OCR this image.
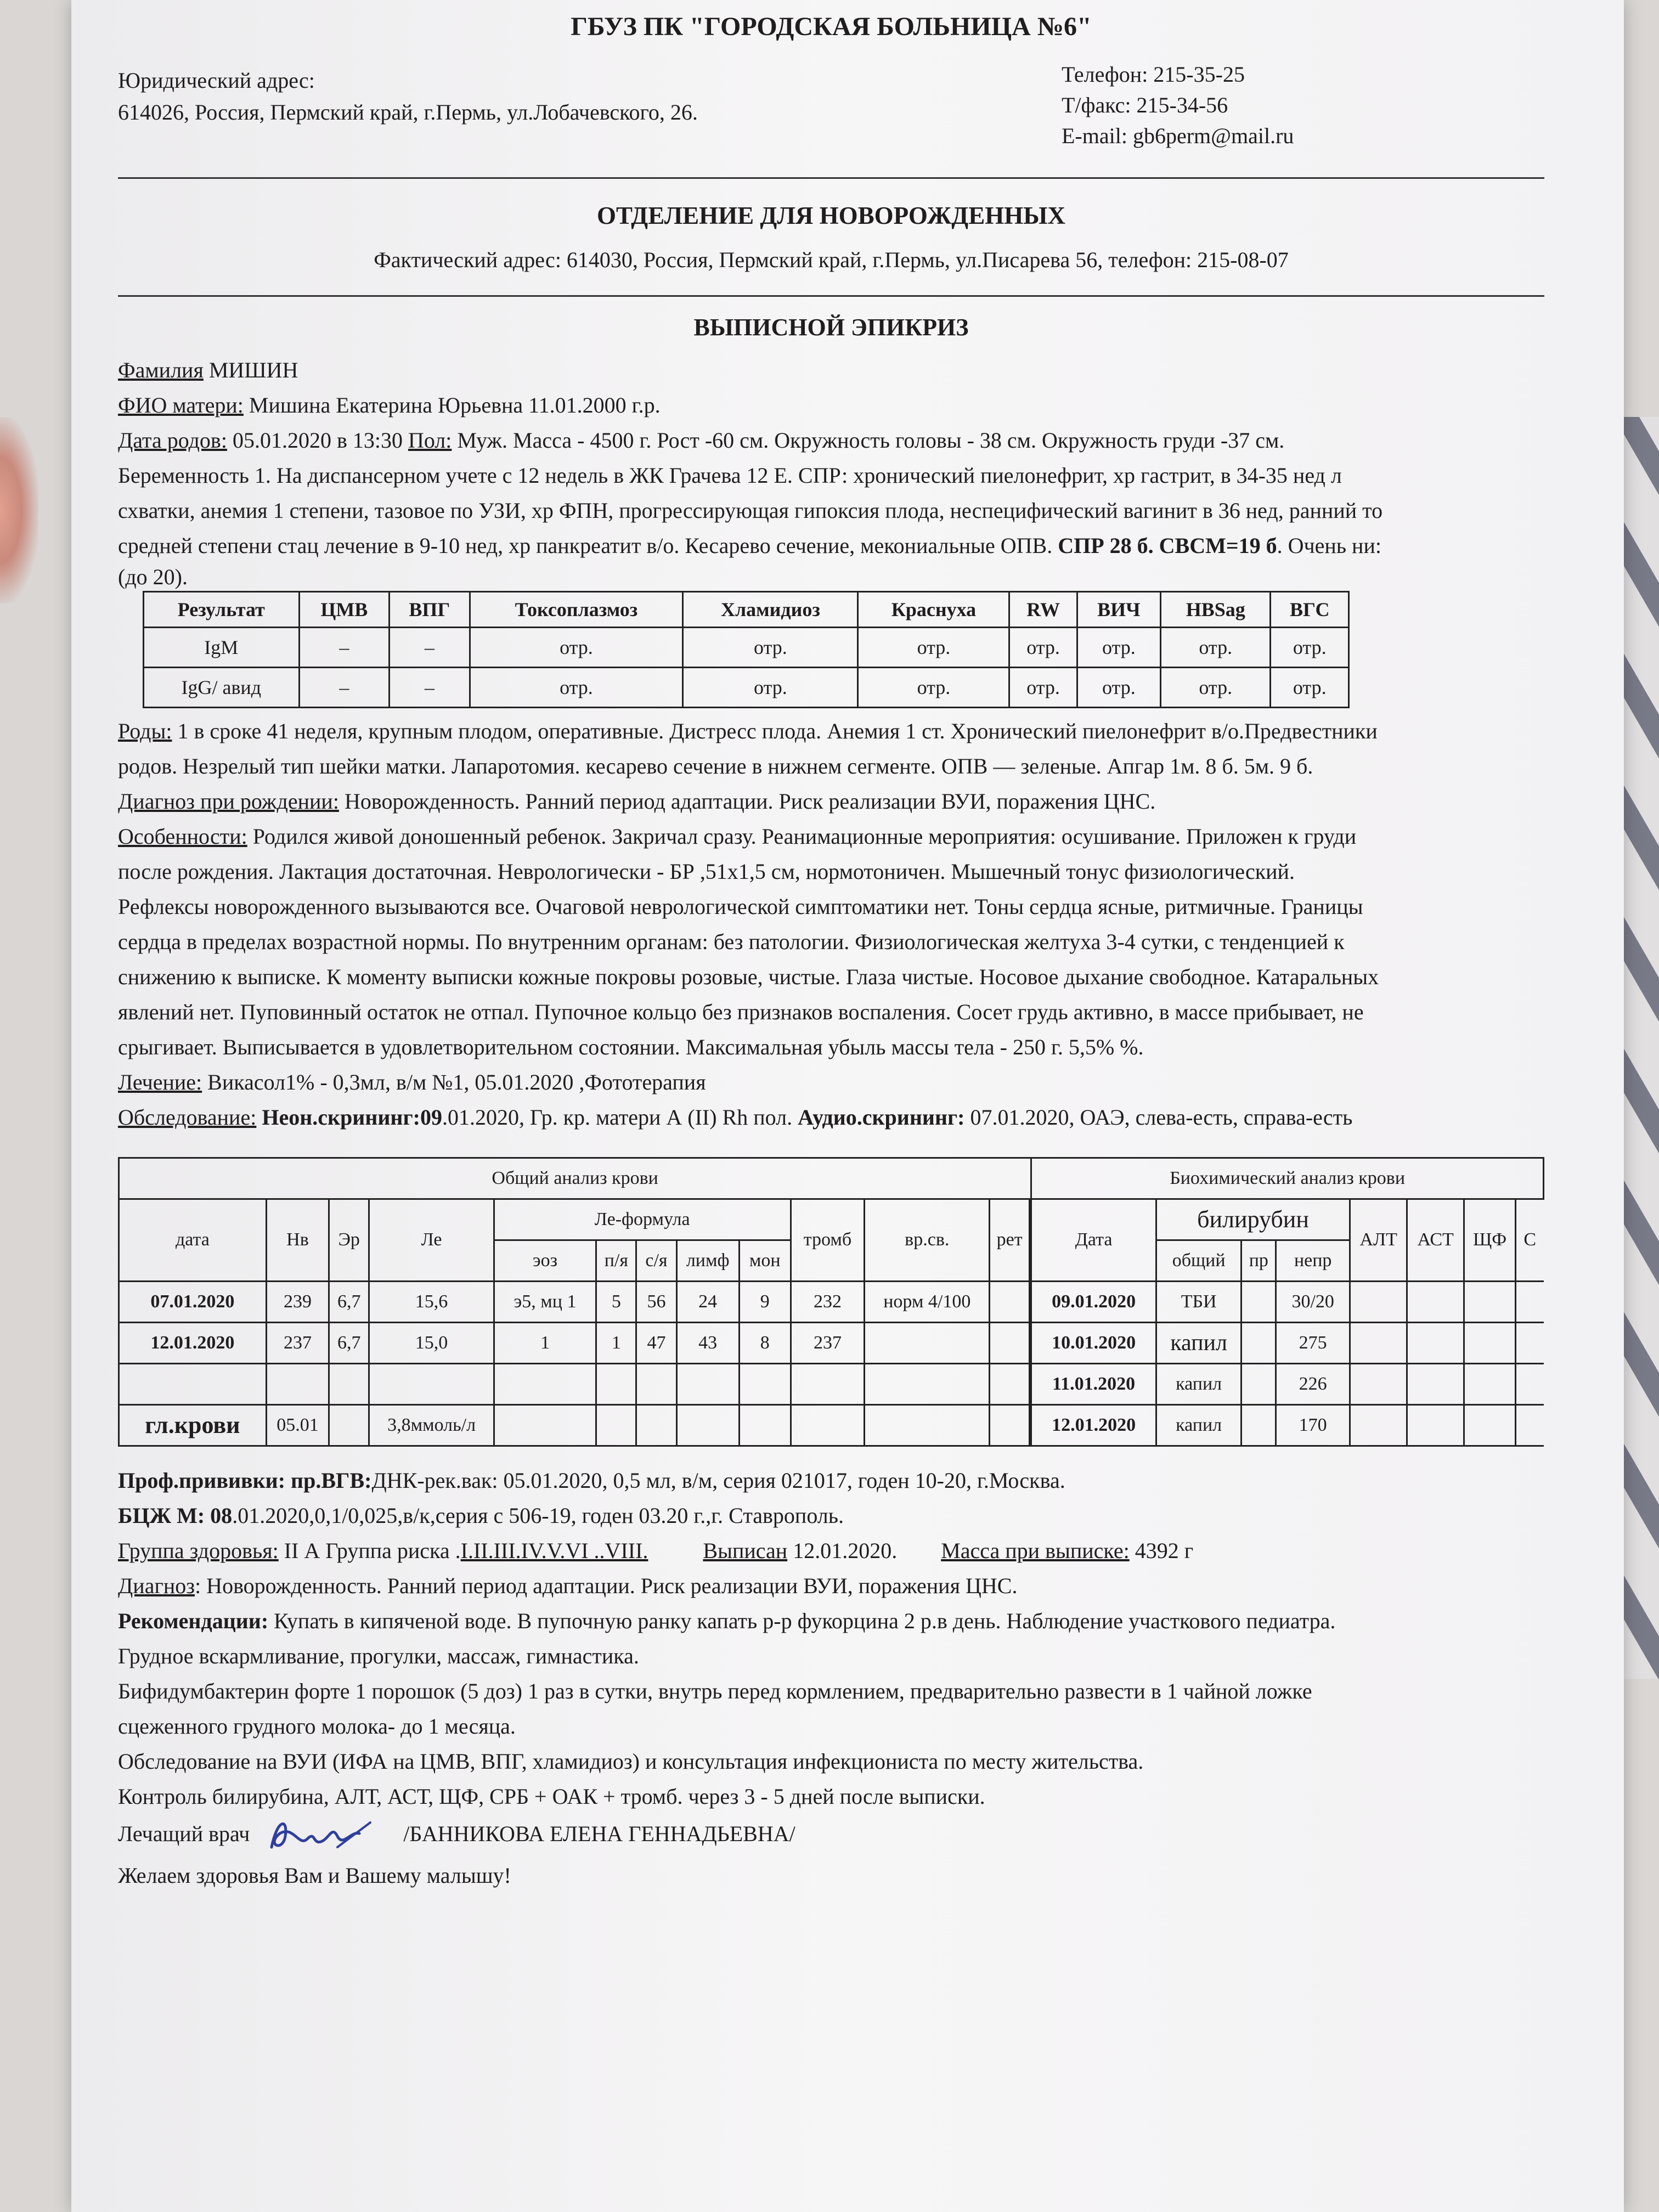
ГБУЗ ПК "ГОРОДСКАЯ БОЛЬНИЦА №6"
Юридический адрес:
614026, Россия, Пермский край, г.Пермь, ул.Лобачевского, 26.
Телефон: 215-35-25
Т/факс: 215-34-56
E-mail: gb6perm@mail.ru
ОТДЕЛЕНИЕ ДЛЯ НОВОРОЖДЕННЫХ
Фактический адрес: 614030, Россия, Пермский край, г.Пермь, ул.Писарева 56, телефон: 215-08-07
ВЫПИСНОЙ ЭПИКРИЗ

Фамилия МИШИН

ФИО матери: Мишина Екатерина Юрьевна 11.01.2000 г.р.

Дата родов: 05.01.2020 в 13:30 Пол: Муж. Масса - 4500 г. Рост -60 см. Окружность головы - 38 см. Окружность груди -37 см.

Беременность 1. На диспансерном учете с 12 недель в ЖК Грачева 12 Е. СПР: хронический пиелонефрит, хр гастрит, в 34-35 нед л

схватки, анемия 1 степени, тазовое по УЗИ, хр ФПН, прогрессирующая гипоксия плода, неспецифический вагинит в 36 нед, ранний то

средней степени стац лечение в 9-10 нед, хр панкреатит в/о. Кесарево сечение, мекониальные ОПВ. СПР 28 б. СВСМ=19 б. Очень ни:

(до 20).

Результат	ЦМВ	ВПГ	Токсоплазмоз	Хламидиоз	Краснуха	RW	ВИЧ	HBSag	ВГС
IgM	–	–	отр.	отр.	отр.	отр.	отр.	отр.	отр.
IgG/ авид	–	–	отр.	отр.	отр.	отр.	отр.	отр.	отр.

Роды: 1 в сроке 41 неделя, крупным плодом, оперативные. Дистресс плода. Анемия 1 ст. Хронический пиелонефрит в/о.Предвестники

родов. Незрелый тип шейки матки. Лапаротомия. кесарево сечение в нижнем сегменте. ОПВ — зеленые. Апгар 1м. 8 б. 5м. 9 б.

Диагноз при рождении: Новорожденность. Ранний период адаптации. Риск реализации ВУИ, поражения ЦНС.

Особенности: Родился живой доношенный ребенок. Закричал сразу. Реанимационные мероприятия: осушивание. Приложен к груди

после рождения. Лактация достаточная. Неврологически - БР ,51х1,5 см, нормотоничен. Мышечный тонус физиологический.

Рефлексы новорожденного вызываются все. Очаговой неврологической симптоматики нет. Тоны сердца ясные, ритмичные. Границы

сердца в пределах возрастной нормы. По внутренним органам: без патологии. Физиологическая желтуха 3-4 сутки, с тенденцией к

снижению к выписке. К моменту выписки кожные покровы розовые, чистые. Глаза чистые. Носовое дыхание свободное. Катаральных

явлений нет. Пуповинный остаток не отпал. Пупочное кольцо без признаков воспаления. Сосет грудь активно, в массе прибывает, не

срыгивает. Выписывается в удовлетворительном состоянии. Максимальная убыль массы тела - 250 г. 5,5% %.

Лечение: Викасол1% - 0,3мл, в/м №1, 05.01.2020 ,Фототерапия

Обследование: Неон.скрининг:09.01.2020, Гр. кр. матери А (II) Rh пол. Аудио.скрининг: 07.01.2020, ОАЭ, слева-есть, справа-есть

Общий анализ крови													Биохимический анализ крови							
дата	Нв	Эр	Ле	Ле-формула					тромб	вр.св.	рет		Дата	билирубин			АЛТ	АСТ	ЩФ	С
				эоз	п/я	с/я	лимф	мон						общий	пр	непр				
07.01.2020	239	6,7	15,6	э5, мц 1	5	56	24	9	232	норм 4/100			09.01.2020	ТБИ		30/20				
12.01.2020	237	6,7	15,0	1	1	47	43	8	237				10.01.2020	капил		275				
													11.01.2020	капил		226				
гл.крови	05.01		3,8ммоль/л										12.01.2020	капил		170				

Проф.прививки: пр.ВГВ:ДНК-рек.вак: 05.01.2020, 0,5 мл, в/м, серия 021017, годен 10-20, г.Москва.

БЦЖ М: 08.01.2020,0,1/0,025,в/к,серия с 506-19, годен 03.20 г.,г. Ставрополь.

Группа здоровья: II А Группа риска .I.II.III.IV.V.VI ..VIII.	Выписан 12.01.2020. Масса при выписке: 4392 г

Диагноз: Новорожденность. Ранний период адаптации. Риск реализации ВУИ, поражения ЦНС.

Рекомендации: Купать в кипяченой воде. В пупочную ранку капать р-р фукорцина 2 р.в день. Наблюдение участкового педиатра.

Грудное вскармливание, прогулки, массаж, гимнастика.

Бифидумбактерин форте 1 порошок (5 доз) 1 раз в сутки, внутрь перед кормлением, предварительно развести в 1 чайной ложке

сцеженного грудного молока- до 1 месяца.

Обследование на ВУИ (ИФА на ЦМВ, ВПГ, хламидиоз) и консультация инфекциониста по месту жительства.

Контроль билирубина, АЛТ, АСТ, ЩФ, СРБ + ОАК + тромб. через 3 - 5 дней после выписки.

Лечащий врач	/БАННИКОВА ЕЛЕНА ГЕННАДЬЕВНА/

Желаем здоровья Вам и Вашему малышу!
